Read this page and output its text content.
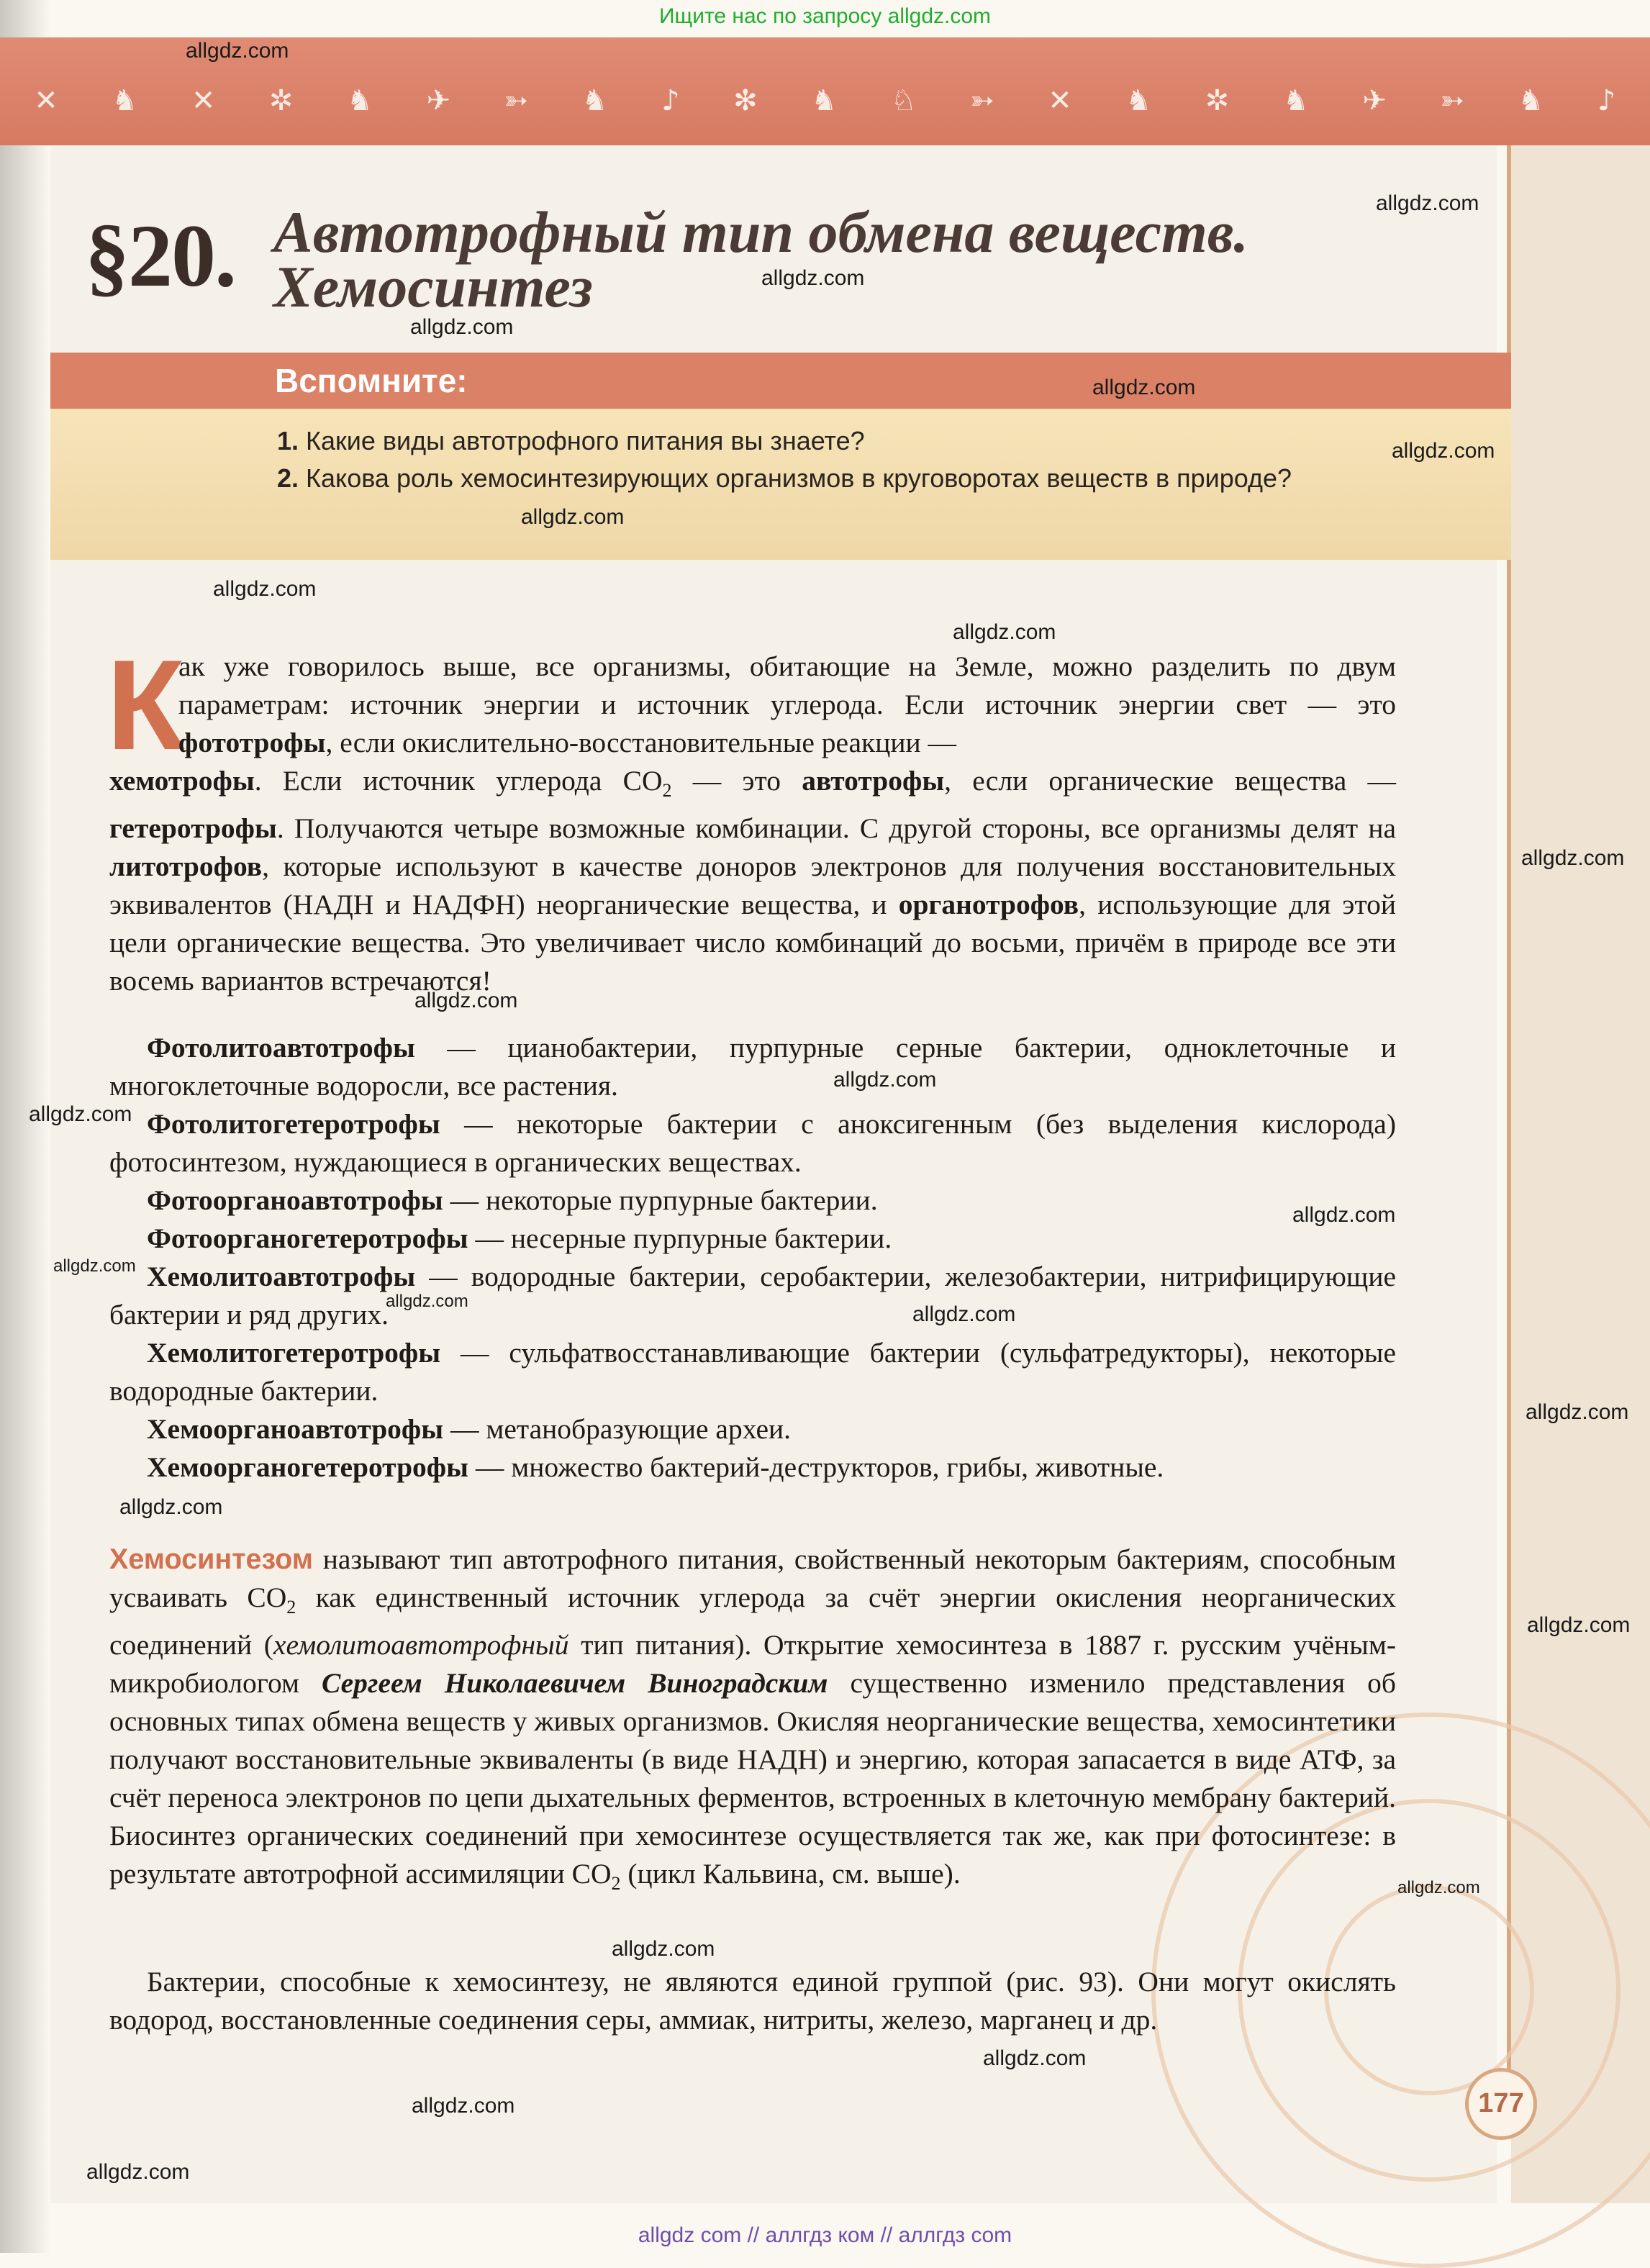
Ищите нас по запросу allgdz.com
✕ ♞ ✕ ✲ ♞ ✈ ➳ ♞ ♪ ✻ ♞ ♘ ➳ ✕ ♞ ✲ ♞ ✈ ➳ ♞ ♪
§20. Автотрофный тип обмена веществ.
Хемосинтез
Вспомните:
1. Какие виды автотрофного питания вы знаете?
2. Какова роль хемосинтезирующих организмов в круговоротах веществ в природе?
К
ак уже говорилось выше, все организмы, обитающие на Земле, можно разделить по двум параметрам: источник энергии и источник углерода. Если источник энергии свет — это фототрофы, если окислительно-восстановительные реакции —
хемотрофы. Если источник углерода $CO_2$ — это автотрофы, если органические вещества — гетеротрофы. Получаются четыре возможные комбинации. С другой стороны, все организмы делят на литотрофов, которые используют в качестве доноров электронов для получения восстановительных эквивалентов (НАДН и НАДФН) неорганические вещества, и органотрофов, использующие для этой цели органические вещества. Это увеличивает число комбинаций до восьми, причём в природе все эти восемь вариантов встречаются!
Фотолитоавтотрофы — цианобактерии, пурпурные серные бактерии, одноклеточные и многоклеточные водоросли, все растения.
Фотолитогетеротрофы — некоторые бактерии с аноксигенным (без выделения кислорода) фотосинтезом, нуждающиеся в органических веществах.
Фотоорганоавтотрофы — некоторые пурпурные бактерии.
Фотоорганогетеротрофы — несерные пурпурные бактерии.
Хемолитоавтотрофы — водородные бактерии, серобактерии, железобактерии, нитрифицирующие бактерии и ряд других.
Хемолитогетеротрофы — сульфатвосстанавливающие бактерии (сульфатредукторы), некоторые водородные бактерии.
Хемоорганоавтотрофы — метанобразующие археи.
Хемоорганогетеротрофы — множество бактерий-деструкторов, грибы, животные.
Хемосинтезом называют тип автотрофного питания, свойственный некоторым бактериям, способным усваивать $CO_2$ как единственный источник углерода за счёт энергии окисления неорганических соединений (хемолитоавтотрофный тип питания). Открытие хемосинтеза в 1887 г. русским учёным-микробиологом Сергеем Николаевичем Виноградским существенно изменило представления об основных типах обмена веществ у живых организмов. Окисляя неорганические вещества, хемосинтетики получают восстановительные эквиваленты (в виде НАДН) и энергию, которая запасается в виде АТФ, за счёт переноса электронов по цепи дыхательных ферментов, встроенных в клеточную мембрану бактерий. Биосинтез органических соединений при хемосинтезе осуществляется так же, как при фотосинтезе: в результате автотрофной ассимиляции $CO_2$ (цикл Кальвина, см. выше).
Бактерии, способные к хемосинтезу, не являются единой группой (рис. 93). Они могут окислять водород, восстановленные соединения серы, аммиак, нитриты, железо, марганец и др.
177
allgdz.com
allgdz.com
allgdz.com
allgdz.com
allgdz.com
allgdz.com
allgdz.com
allgdz.com
allgdz.com
allgdz.com
allgdz.com
allgdz.com
allgdz.com
allgdz.com
allgdz.com
allgdz.com
allgdz.com
allgdz.com
allgdz.com
allgdz.com
allgdz.com
allgdz.com
allgdz.com
allgdz.com
allgdz.com
allgdz com // аллгдз ком // аллгдз com
